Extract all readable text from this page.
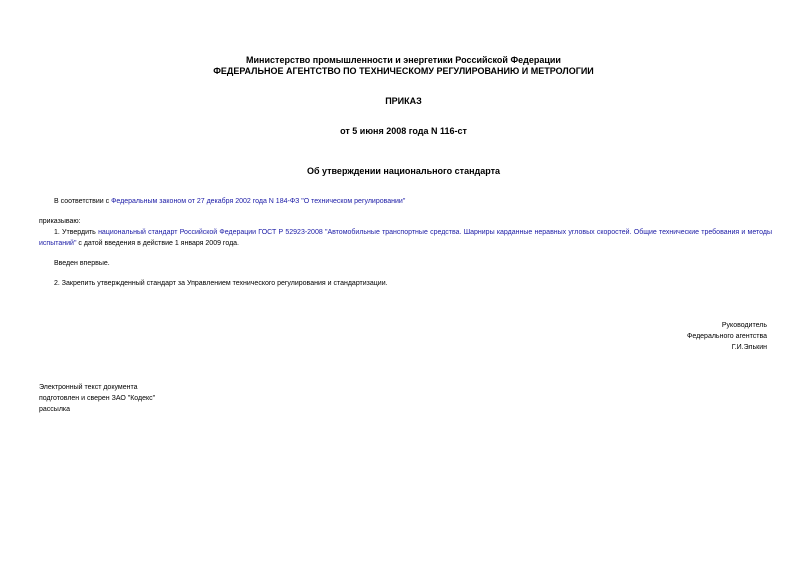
Министерство промышленности и энергетики Российской Федерации
ФЕДЕРАЛЬНОЕ АГЕНТСТВО ПО ТЕХНИЧЕСКОМУ РЕГУЛИРОВАНИЮ И МЕТРОЛОГИИ
ПРИКАЗ
от 5 июня 2008 года N 116-ст
Об утверждении национального стандарта
В соответствии с Федеральным законом от 27 декабря 2002 года N 184-ФЗ "О техническом регулировании"
приказываю:
1. Утвердить национальный стандарт Российской Федерации ГОСТ Р 52923-2008 "Автомобильные транспортные средства. Шарниры карданные неравных угловых скоростей. Общие технические требования и методы испытаний" с датой введения в действие 1 января 2009 года.
Введен впервые.
2. Закрепить утвержденный стандарт за Управлением технического регулирования и стандартизации.
Руководитель
Федерального агентства
Г.И.Элькин
Электронный текст документа
подготовлен и сверен ЗАО "Кодекс"
рассылка
